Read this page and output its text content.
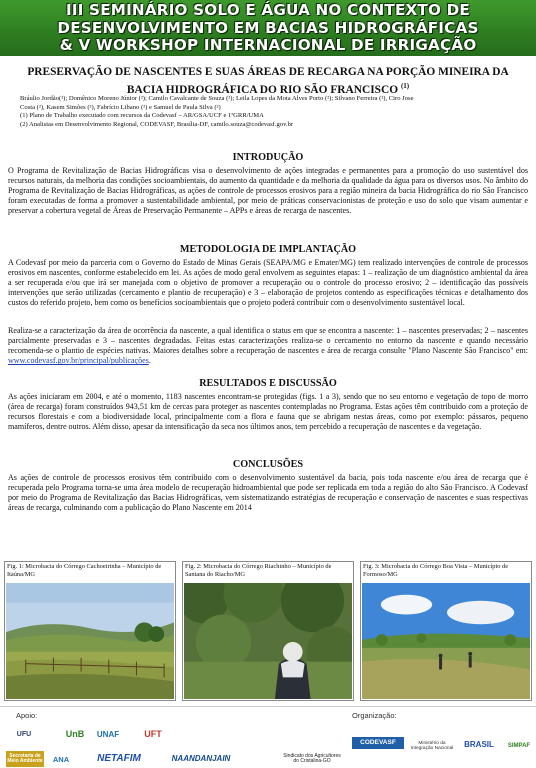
III SEMINÁRIO SOLO E ÁGUA NO CONTEXTO DE
DESENVOLVIMENTO EM BACIAS HIDROGRÁFICAS
& V WORKSHOP INTERNACIONAL DE IRRIGAÇÃO
PRESERVAÇÃO DE NASCENTES E SUAS ÁREAS DE RECARGA NA PORÇÃO MINEIRA DA
BACIA HIDROGRÁFICA DO RIO SÃO FRANCISCO $^{(1)}$
Bráulio Jordão(²); Domênico Moreno Júnior (²); Camilo Cavalcante de Souza (²); Leila Lopes da Mota Alves Porto (²); Silvano Ferreira (²), Ciro Jose
Costa (²), Kasem Simões (²), Fabrício Libano (²) e Samuel de Paula Silva (²)
(1) Plano de Trabalho executado com recursos da Codevasf – AR/GSA/UCF e 1ªGRR/UMA
(2) Analistas em Desenvolvimento Regional, CODEVASF, Brasília-DF, camilo.souza@codevasf.gov.br
INTRODUÇÃO
O Programa de Revitalização de Bacias Hidrográficas visa o desenvolvimento de ações integradas e permanentes para a promoção do uso sustentável dos recursos naturais, da melhoria das condições socioambientais, do aumento da quantidade e da melhoria da qualidade da água para os diversos usos. No âmbito do Programa de Revitalização de Bacias Hidrográficas, as ações de controle de processos erosivos para a região mineira da bacia Hidrográfica do rio São Francisco foram executadas de forma a promover a sustentabilidade ambiental, por meio de práticas conservacionistas de proteção e uso do solo que visam aumentar e preservar a cobertura vegetal de Áreas de Preservação Permanente – APPs e áreas de recarga de nascentes.
METODOLOGIA DE IMPLANTAÇÃO
A Codevasf por meio da parceria com o Governo do Estado de Minas Gerais (SEAPA/MG e Emater/MG) tem realizado intervenções de controle de processos erosivos em nascentes, conforme estabelecido em lei. As ações de modo geral envolvem as seguintes etapas: 1 – realização de um diagnóstico ambiental da área a ser recuperada e/ou que irá ser manejada com o objetivo de promover a recuperação ou o controle do processo erosivo; 2 – identificação das possíveis intervenções que serão utilizadas (cercamento e plantio de recuperação) e 3 – elaboração de projetos contendo as especificações técnicas e detalhamento dos custos do referido projeto, bem como os benefícios socioambientais que o projeto poderá contribuir com o desenvolvimento sustentável local.
Realiza-se a caracterização da área de ocorrência da nascente, a qual identifica o status em que se encontra a nascente: 1 – nascentes preservadas; 2 – nascentes parcialmente preservadas e 3 – nascentes degradadas. Feitas estas caracterizações realiza-se o cercamento no entorno da nascente e quando necessário recomenda-se o plantio de espécies nativas. Maiores detalhes sobre a recuperação de nascentes e área de recarga consulte "Plano Nascente São Francisco" em: www.codevasf.gov.br/principal/publicações.
RESULTADOS E DISCUSSÃO
As ações iniciaram em 2004, e até o momento, 1183 nascentes encontram-se protegidas (figs. 1 a 3), sendo que no seu entorno e vegetação de topo de morro (área de recarga) foram construídos 943,51 km de cercas para proteger as nascentes contempladas no Programa. Estas ações têm contribuido com a proteção de recursos florestais e com a biodiversidade local, principalmente com a flora e fauna que se abrigam nestas áreas, como por exemplo: pássaros, pequeno mamíferos, dentre outros. Além disso, apesar da intensificação da seca nos últimos anos, tem percebido a recuperação de nascentes e da vegetação.
CONCLUSÕES
As ações de controle de processos erosivos têm contribuido com o desenvolvimento sustentável da bacia, pois toda nascente e/ou área de recarga que é recuperada pelo Programa torna-se uma área modelo de recuperação hidroambiental que pode ser replicada em toda a região do alto São Francisco. A Codevasf por meio do Programa de Revitalização das Bacias Hidrográficas, vem sistematizando estratégias de recuperação e conservação de nascentes e suas respectivas áreas de recarga, culminando com a publicação do Plano Nascente em 2014
Fig. 1: Microbacia do Córrego Cachoeirinha – Município de Itaúna/MG
Fig. 2: Microbacia do Córrego Riachinho – Município de Santana do Riacho/MG
Fig. 3: Microbacia do Córrego Boa Vista – Município de Formoso/MG
Apoio:	Organização:
UFU	UnB	UNAF	UFT
Secretaria de Meio Ambiente	ANA	NETAFIM	NAANDANJAIN	Sindicato dos Agricultores do Cristalina-GO
CODEVASF	Ministério da Integração Nacional	BRASIL	SIMPAF
